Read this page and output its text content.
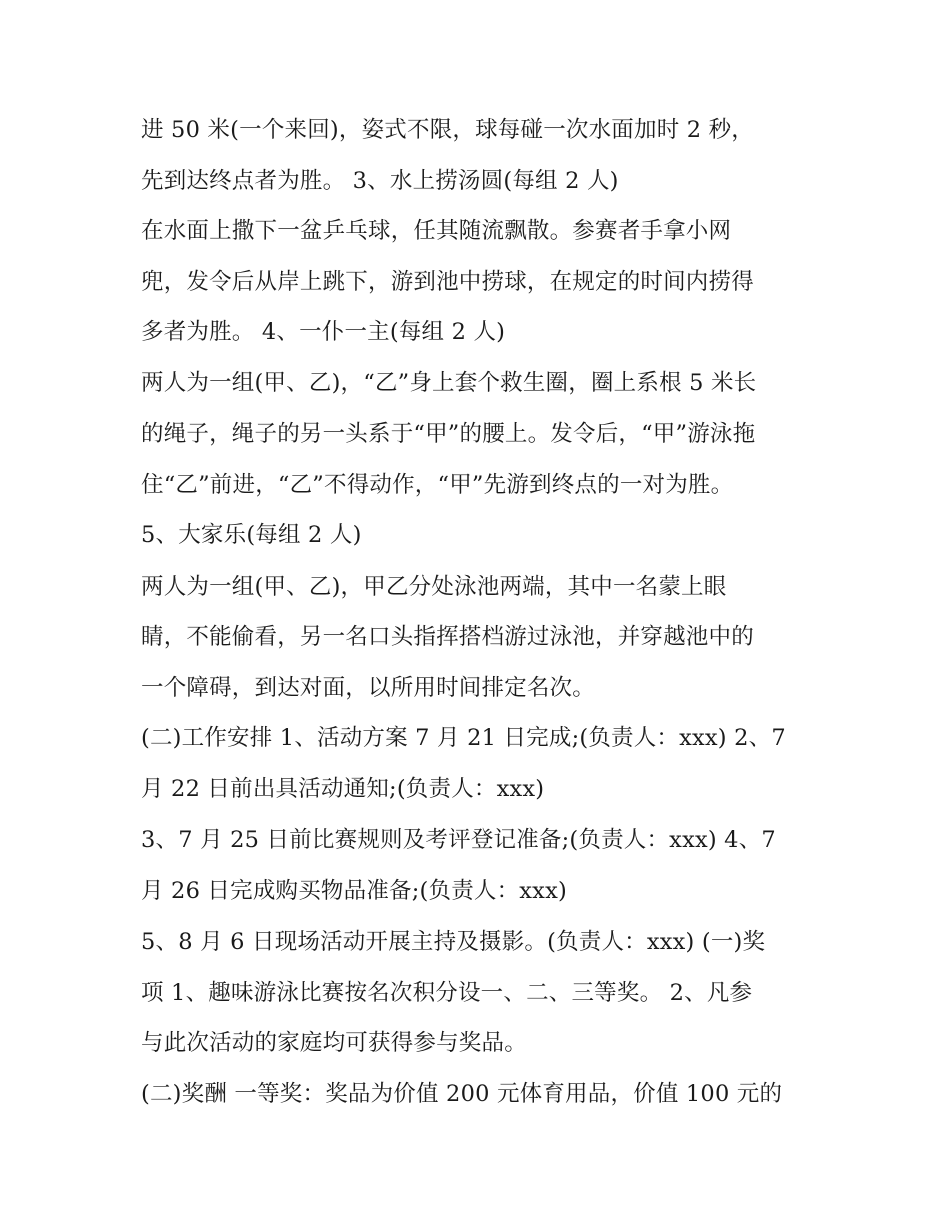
进 50 米(一个来回)，姿式不限，球每碰一次水面加时 2 秒，
先到达终点者为胜。 3、水上捞汤圆(每组 2 人)
在水面上撒下一盆乒乓球，任其随流飘散。参赛者手拿小网
兜，发令后从岸上跳下，游到池中捞球，在规定的时间内捞得
多者为胜。 4、一仆一主(每组 2 人)
两人为一组(甲、乙)，“乙”身上套个救生圈，圈上系根 5 米长
的绳子，绳子的另一头系于“甲”的腰上。发令后，“甲”游泳拖
住“乙”前进，“乙”不得动作，“甲”先游到终点的一对为胜。
5、大家乐(每组 2 人)
两人为一组(甲、乙)，甲乙分处泳池两端，其中一名蒙上眼
睛，不能偷看，另一名口头指挥搭档游过泳池，并穿越池中的
一个障碍，到达对面，以所用时间排定名次。
(二)工作安排 1、活动方案 7 月 21 日完成;(负责人：xxx) 2、7
月 22 日前出具活动通知;(负责人：xxx)
3、7 月 25 日前比赛规则及考评登记准备;(负责人：xxx) 4、7
月 26 日完成购买物品准备;(负责人：xxx)
5、8 月 6 日现场活动开展主持及摄影。(负责人：xxx) (一)奖
项 1、趣味游泳比赛按名次积分设一、二、三等奖。 2、凡参
与此次活动的家庭均可获得参与奖品。
(二)奖酬 一等奖：奖品为价值 200 元体育用品，价值 100 元的
